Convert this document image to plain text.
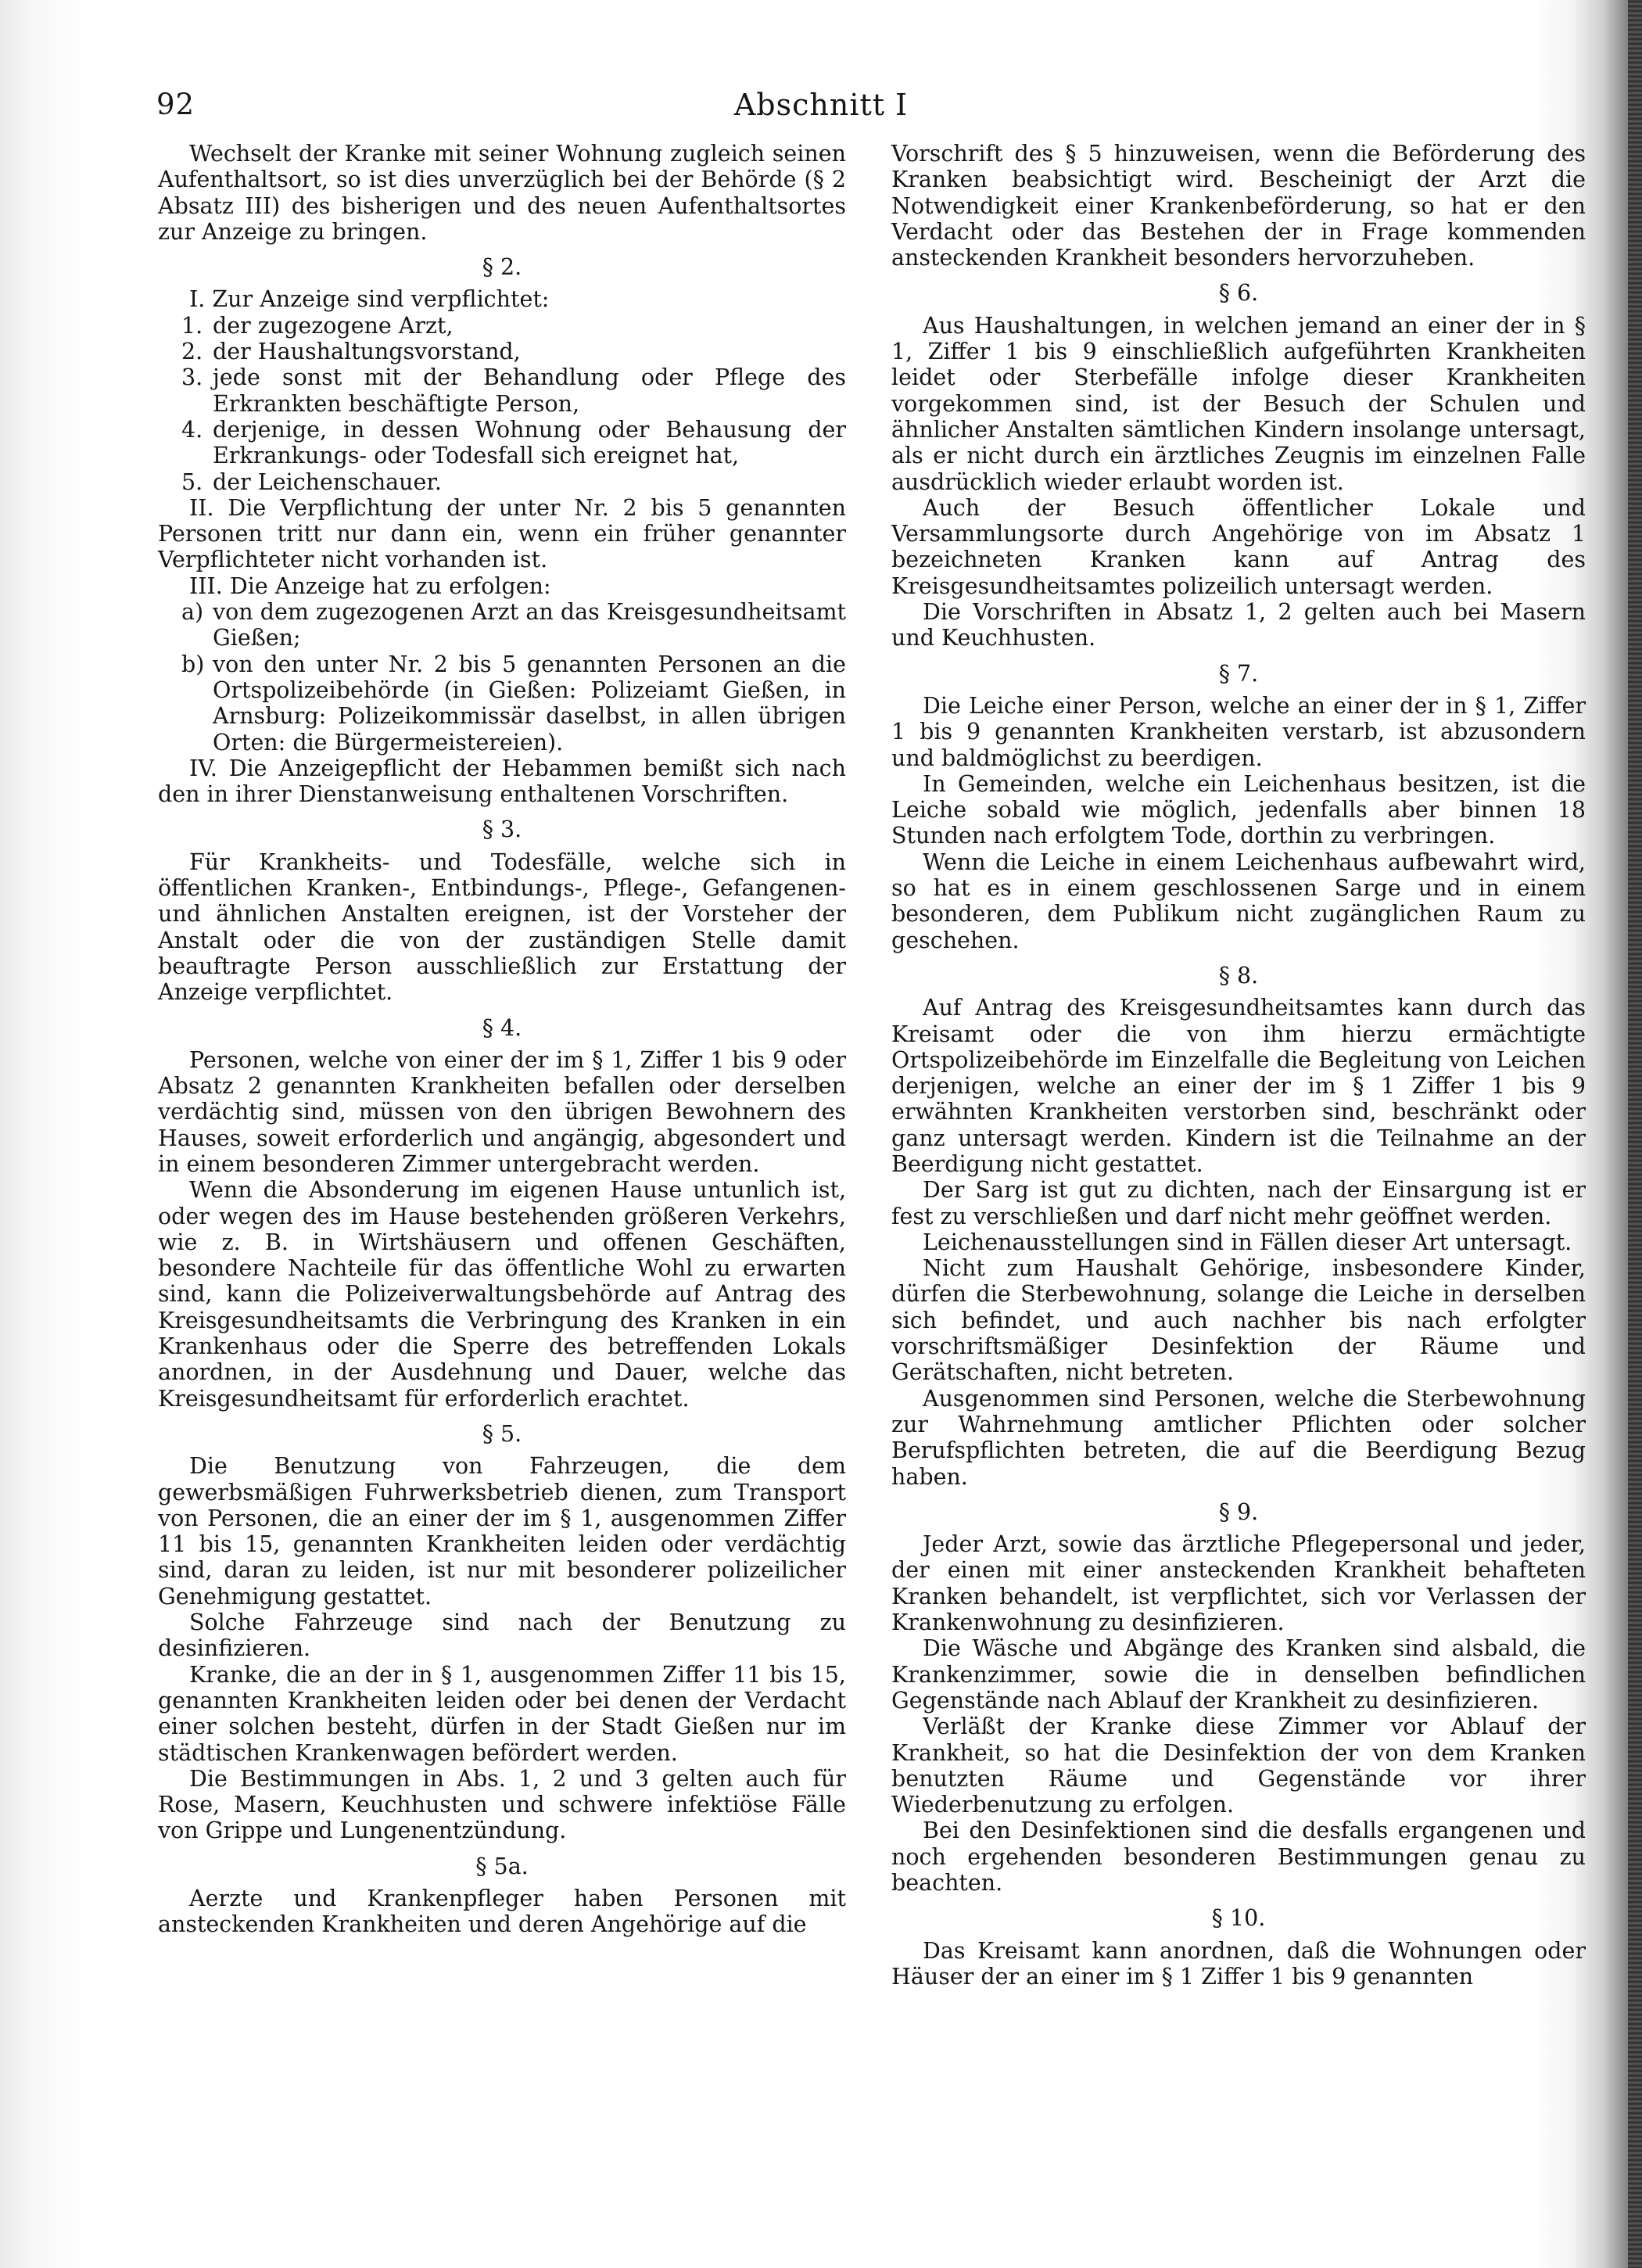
92	Abschnitt I
Wechselt der Kranke mit seiner Wohnung zugleich seinen Aufenthaltsort, so ist dies unverzüglich bei der Behörde (§ 2 Absatz III) des bisherigen und des neuen Aufenthaltsortes zur Anzeige zu bringen.
§ 2.
I. Zur Anzeige sind verpflichtet:
1. der zugezogene Arzt,
2. der Haushaltungsvorstand,
3. jede sonst mit der Behandlung oder Pflege des Erkrankten beschäftigte Person,
4. derjenige, in dessen Wohnung oder Behausung der Erkrankungs- oder Todesfall sich ereignet hat,
5. der Leichenschauer.
II. Die Verpflichtung der unter Nr. 2 bis 5 genannten Personen tritt nur dann ein, wenn ein früher genannter Verpflichteter nicht vorhanden ist.
III. Die Anzeige hat zu erfolgen:
a) von dem zugezogenen Arzt an das Kreisgesundheitsamt Gießen;
b) von den unter Nr. 2 bis 5 genannten Personen an die Ortspolizeibehörde (in Gießen: Polizeiamt Gießen, in Arnsburg: Polizeikommissär daselbst, in allen übrigen Orten: die Bürgermeistereien).
IV. Die Anzeigepflicht der Hebammen bemißt sich nach den in ihrer Dienstanweisung enthaltenen Vorschriften.
§ 3.
Für Krankheits- und Todesfälle, welche sich in öffentlichen Kranken-, Entbindungs-, Pflege-, Gefangenen- und ähnlichen Anstalten ereignen, ist der Vorsteher der Anstalt oder die von der zuständigen Stelle damit beauftragte Person ausschließlich zur Erstattung der Anzeige verpflichtet.
§ 4.
Personen, welche von einer der im § 1, Ziffer 1 bis 9 oder Absatz 2 genannten Krankheiten befallen oder derselben verdächtig sind, müssen von den übrigen Bewohnern des Hauses, soweit erforderlich und angängig, abgesondert und in einem besonderen Zimmer untergebracht werden.
Wenn die Absonderung im eigenen Hause untunlich ist, oder wegen des im Hause bestehenden größeren Verkehrs, wie z. B. in Wirtshäusern und offenen Geschäften, besondere Nachteile für das öffentliche Wohl zu erwarten sind, kann die Polizeiverwaltungsbehörde auf Antrag des Kreisgesundheitsamts die Verbringung des Kranken in ein Krankenhaus oder die Sperre des betreffenden Lokals anordnen, in der Ausdehnung und Dauer, welche das Kreisgesundheitsamt für erforderlich erachtet.
§ 5.
Die Benutzung von Fahrzeugen, die dem gewerbsmäßigen Fuhrwerksbetrieb dienen, zum Transport von Personen, die an einer der im § 1, ausgenommen Ziffer 11 bis 15, genannten Krankheiten leiden oder verdächtig sind, daran zu leiden, ist nur mit besonderer polizeilicher Genehmigung gestattet.
Solche Fahrzeuge sind nach der Benutzung zu desinfizieren.
Kranke, die an der in § 1, ausgenommen Ziffer 11 bis 15, genannten Krankheiten leiden oder bei denen der Verdacht einer solchen besteht, dürfen in der Stadt Gießen nur im städtischen Krankenwagen befördert werden.
Die Bestimmungen in Abs. 1, 2 und 3 gelten auch für Rose, Masern, Keuchhusten und schwere infektiöse Fälle von Grippe und Lungenentzündung.
§ 5a.
Aerzte und Krankenpfleger haben Personen mit ansteckenden Krankheiten und deren Angehörige auf die
Vorschrift des § 5 hinzuweisen, wenn die Beförderung des Kranken beabsichtigt wird. Bescheinigt der Arzt die Notwendigkeit einer Krankenbeförderung, so hat er den Verdacht oder das Bestehen der in Frage kommenden ansteckenden Krankheit besonders hervorzuheben.
§ 6.
Aus Haushaltungen, in welchen jemand an einer der in § 1, Ziffer 1 bis 9 einschließlich aufgeführten Krankheiten leidet oder Sterbefälle infolge dieser Krankheiten vorgekommen sind, ist der Besuch der Schulen und ähnlicher Anstalten sämtlichen Kindern insolange untersagt, als er nicht durch ein ärztliches Zeugnis im einzelnen Falle ausdrücklich wieder erlaubt worden ist.
Auch der Besuch öffentlicher Lokale und Versammlungsorte durch Angehörige von im Absatz 1 bezeichneten Kranken kann auf Antrag des Kreisgesundheitsamtes polizeilich untersagt werden.
Die Vorschriften in Absatz 1, 2 gelten auch bei Masern und Keuchhusten.
§ 7.
Die Leiche einer Person, welche an einer der in § 1, Ziffer 1 bis 9 genannten Krankheiten verstarb, ist abzusondern und baldmöglichst zu beerdigen.
In Gemeinden, welche ein Leichenhaus besitzen, ist die Leiche sobald wie möglich, jedenfalls aber binnen 18 Stunden nach erfolgtem Tode, dorthin zu verbringen.
Wenn die Leiche in einem Leichenhaus aufbewahrt wird, so hat es in einem geschlossenen Sarge und in einem besonderen, dem Publikum nicht zugänglichen Raum zu geschehen.
§ 8.
Auf Antrag des Kreisgesundheitsamtes kann durch das Kreisamt oder die von ihm hierzu ermächtigte Ortspolizeibehörde im Einzelfalle die Begleitung von Leichen derjenigen, welche an einer der im § 1 Ziffer 1 bis 9 erwähnten Krankheiten verstorben sind, beschränkt oder ganz untersagt werden. Kindern ist die Teilnahme an der Beerdigung nicht gestattet.
Der Sarg ist gut zu dichten, nach der Einsargung ist er fest zu verschließen und darf nicht mehr geöffnet werden.
Leichenausstellungen sind in Fällen dieser Art untersagt.
Nicht zum Haushalt Gehörige, insbesondere Kinder, dürfen die Sterbewohnung, solange die Leiche in derselben sich befindet, und auch nachher bis nach erfolgter vorschriftsmäßiger Desinfektion der Räume und Gerätschaften, nicht betreten.
Ausgenommen sind Personen, welche die Sterbewohnung zur Wahrnehmung amtlicher Pflichten oder solcher Berufspflichten betreten, die auf die Beerdigung Bezug haben.
§ 9.
Jeder Arzt, sowie das ärztliche Pflegepersonal und jeder, der einen mit einer ansteckenden Krankheit behafteten Kranken behandelt, ist verpflichtet, sich vor Verlassen der Krankenwohnung zu desinfizieren.
Die Wäsche und Abgänge des Kranken sind alsbald, die Krankenzimmer, sowie die in denselben befindlichen Gegenstände nach Ablauf der Krankheit zu desinfizieren.
Verläßt der Kranke diese Zimmer vor Ablauf der Krankheit, so hat die Desinfektion der von dem Kranken benutzten Räume und Gegenstände vor ihrer Wiederbenutzung zu erfolgen.
Bei den Desinfektionen sind die desfalls ergangenen und noch ergehenden besonderen Bestimmungen genau zu beachten.
§ 10.
Das Kreisamt kann anordnen, daß die Wohnungen oder Häuser der an einer im § 1 Ziffer 1 bis 9 genannten
